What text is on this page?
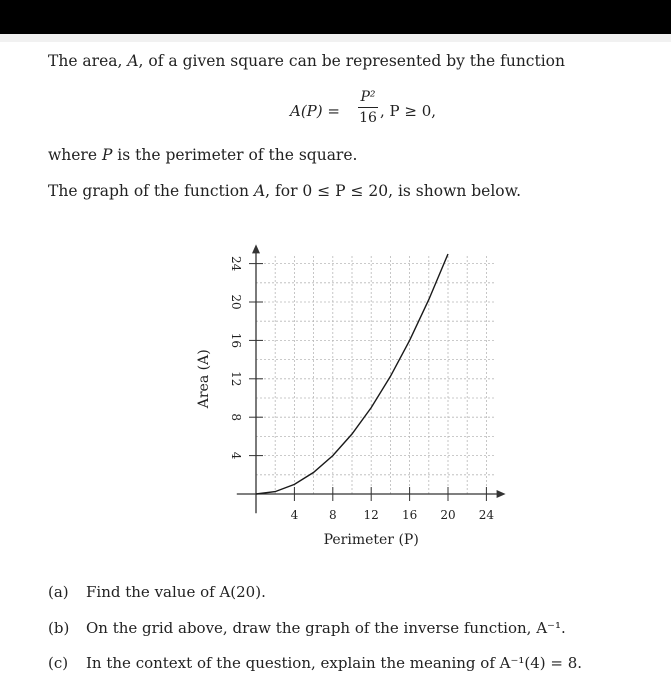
The area, A, of a given square can be represented by the function
A(P) =
P²
16 , P ≥ 0,
where P is the perimeter of the square.
The graph of the function A, for 0 ≤ P ≤ 20, is shown below.
4	8 12 16 20 24
4
8
12
16
20
24
Perimeter (P)
Area (A)
(a) Find the value of A(20).
(b) On the grid above, draw the graph of the inverse function, A⁻¹.
(c) In the context of the question, explain the meaning of A⁻¹(4) = 8.
